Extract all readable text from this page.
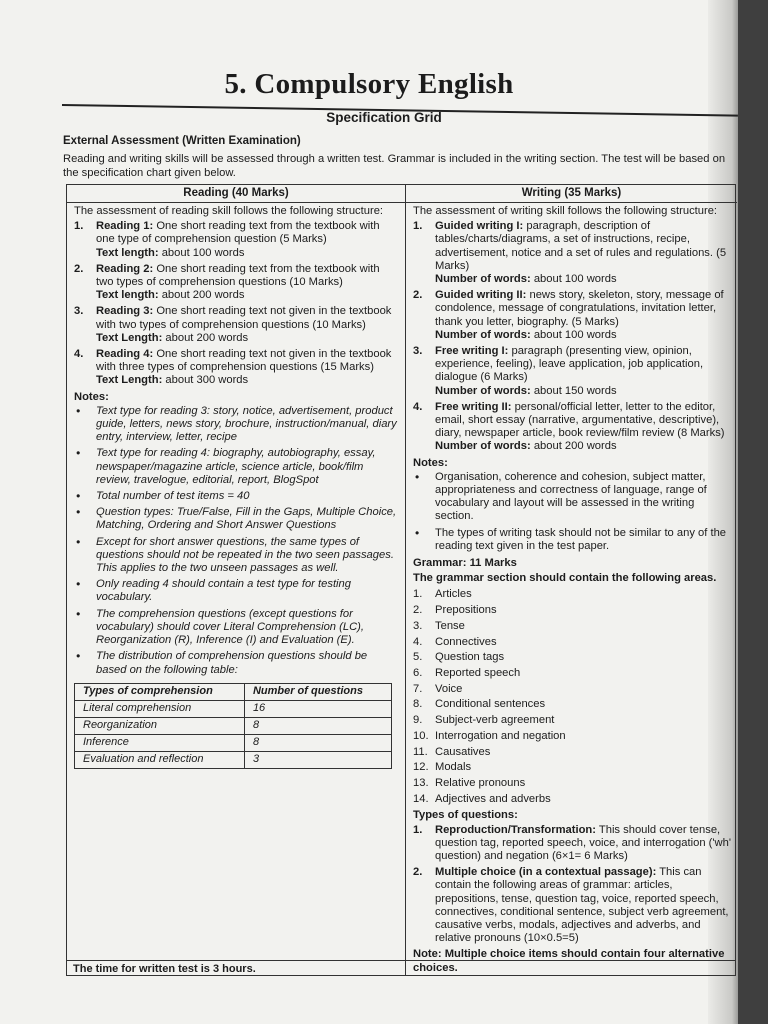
5. Compulsory English
Specification Grid
External Assessment (Written Examination)
Reading and writing skills will be assessed through a written test. Grammar is included in the writing section. The test will be based on the specification chart given below.
Reading (40 Marks)
The assessment of reading skill follows the following structure:
1. Reading 1: One short reading text from the textbook with one type of comprehension question (5 Marks)
Text length: about 100 words
2. Reading 2: One short reading text from the textbook with two types of comprehension questions (10 Marks)
Text length: about 200 words
3. Reading 3: One short reading text not given in the textbook with two types of comprehension questions (10 Marks)
Text Length: about 200 words
4. Reading 4: One short reading text not given in the textbook with three types of comprehension questions (15 Marks)
Text Length: about 300 words
Notes:
• Text type for reading 3: story, notice, advertisement, product guide, letters, news story, brochure, instruction/manual, diary entry, interview, letter, recipe
• Text type for reading 4: biography, autobiography, essay, newspaper/magazine article, science article, book/film review, travelogue, editorial, report, BlogSpot
• Total number of test items = 40
• Question types: True/False, Fill in the Gaps, Multiple Choice, Matching, Ordering and Short Answer Questions
• Except for short answer questions, the same types of questions should not be repeated in the two seen passages. This applies to the two unseen passages as well.
• Only reading 4 should contain a test type for testing vocabulary.
• The comprehension questions (except questions for vocabulary) should cover Literal Comprehension (LC), Reorganization (R), Inference (I) and Evaluation (E).
• The distribution of comprehension questions should be based on the following table:
Types of comprehension	Number of questions
Literal comprehension	16
Reorganization	8
Inference	8
Evaluation and reflection	3
Writing (35 Marks)
The assessment of writing skill follows the following structure:
1. Guided writing I: paragraph, description of tables/charts/diagrams, a set of instructions, recipe, advertisement, notice and a set of rules and regulations. (5 Marks)
Number of words: about 100 words
2. Guided writing II: news story, skeleton, story, message of condolence, message of congratulations, invitation letter, thank you letter, biography. (5 Marks)
Number of words: about 100 words
3. Free writing I: paragraph (presenting view, opinion, experience, feeling), leave application, job application, dialogue (6 Marks)
Number of words: about 150 words
4. Free writing II: personal/official letter, letter to the editor, email, short essay (narrative, argumentative, descriptive), diary, newspaper article, book review/film review (8 Marks)
Number of words: about 200 words
Notes:
• Organisation, coherence and cohesion, subject matter, appropriateness and correctness of language, range of vocabulary and layout will be assessed in the writing section.
• The types of writing task should not be similar to any of the reading text given in the test paper.
Grammar: 11 Marks
The grammar section should contain the following areas.
1. Articles
2. Prepositions
3. Tense
4. Connectives
5. Question tags
6. Reported speech
7. Voice
8. Conditional sentences
9. Subject-verb agreement
10. Interrogation and negation
11. Causatives
12. Modals
13. Relative pronouns
14. Adjectives and adverbs
Types of questions:
1. Reproduction/Transformation: This should cover tense, question tag, reported speech, voice, and interrogation ('wh' question) and negation (6×1= 6 Marks)
2. Multiple choice (in a contextual passage): This can contain the following areas of grammar: articles, prepositions, tense, question tag, voice, reported speech, connectives, conditional sentence, subject verb agreement, causative verbs, modals, adjectives and adverbs, and relative pronouns (10×0.5=5)
Note: Multiple choice items should contain four alternative choices.
The time for written test is 3 hours.
